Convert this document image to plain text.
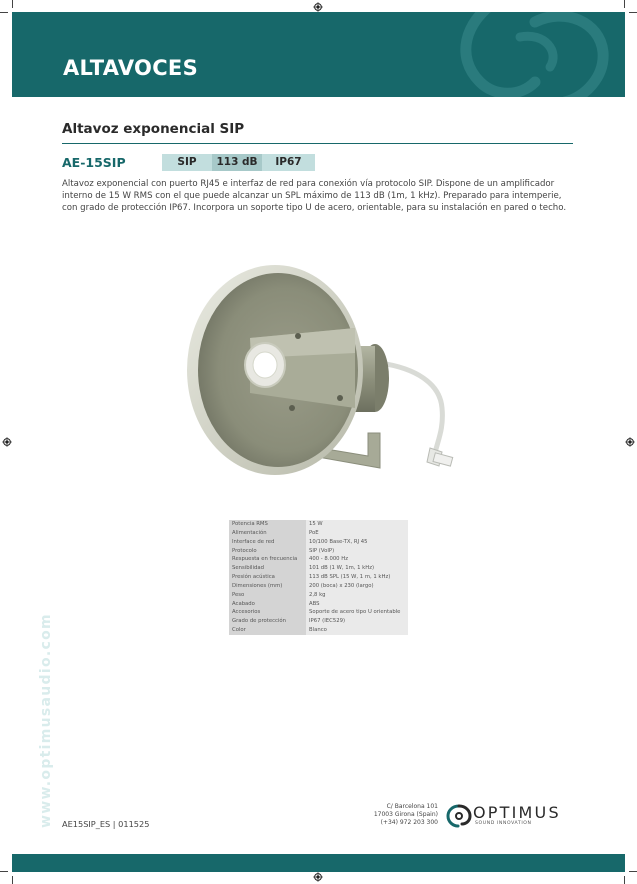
ALTAVOCES
Altavoz exponencial SIP
AE-15SIP	SIP	113 dB	IP67

Altavoz exponencial con puerto RJ45 e interfaz de red para conexión vía protocolo SIP. Dispone de un amplificador interno de 15 W RMS con el que puede alcanzar un SPL máximo de 113 dB (1m, 1 kHz). Preparado para intemperie, con grado de protección IP67. Incorpora un soporte tipo U de acero, orientable, para su instalación en pared o techo.

Potencia RMS	15 W
Alimentación	PoE
Interface de red	10/100 Base-TX, RJ 45
Protocolo	SIP (VoIP)
Respuesta en frecuencia	400 - 8.000 Hz
Sensibilidad	101 dB (1 W, 1m, 1 kHz)
Presión acústica	113 dB SPL (15 W, 1 m, 1 kHz)
Dimensiones (mm)	200 (boca) x 230 (largo)
Peso	2,8 kg
Acabado	ABS
Accesorios	Soporte de acero tipo U orientable
Grado de protección	IP67 (IEC529)
Color	Blanco
www.optimusaudio.com AE15SIP_ES | 011525
C/ Barcelona 101
17003 Girona (Spain)
(+34) 972 203 300
OPTIMUS
SOUND INNOVATION
